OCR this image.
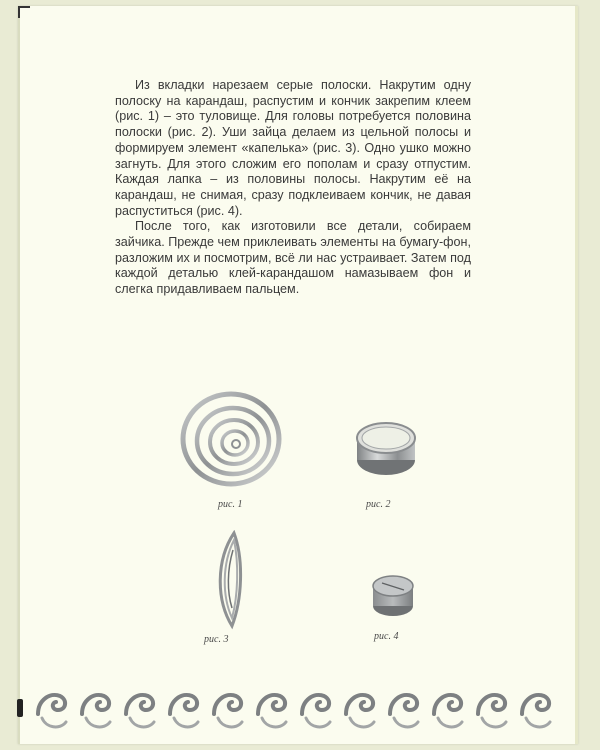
Из вкладки нарезаем серые полоски. Накрутим одну полоску на карандаш, распустим и кончик закрепим клеем (рис. 1) – это туловище. Для головы потребуется половина полоски (рис. 2). Уши зайца делаем из цельной полосы и формируем элемент «капелька» (рис. 3). Одно ушко можно загнуть. Для этого сложим его пополам и сразу отпустим. Каждая лапка – из половины полосы. Накрутим её на карандаш, не снимая, сразу подклеиваем кончик, не давая распуститься (рис. 4).

После того, как изготовили все детали, собираем зайчика. Прежде чем приклеивать элементы на бумагу-фон, разложим их и посмотрим, всё ли нас устраивает. Затем под каждой деталью клей-карандашом намазываем фон и слегка придавливаем пальцем.

рис. 1	рис. 2
рис. 3	рис. 4
